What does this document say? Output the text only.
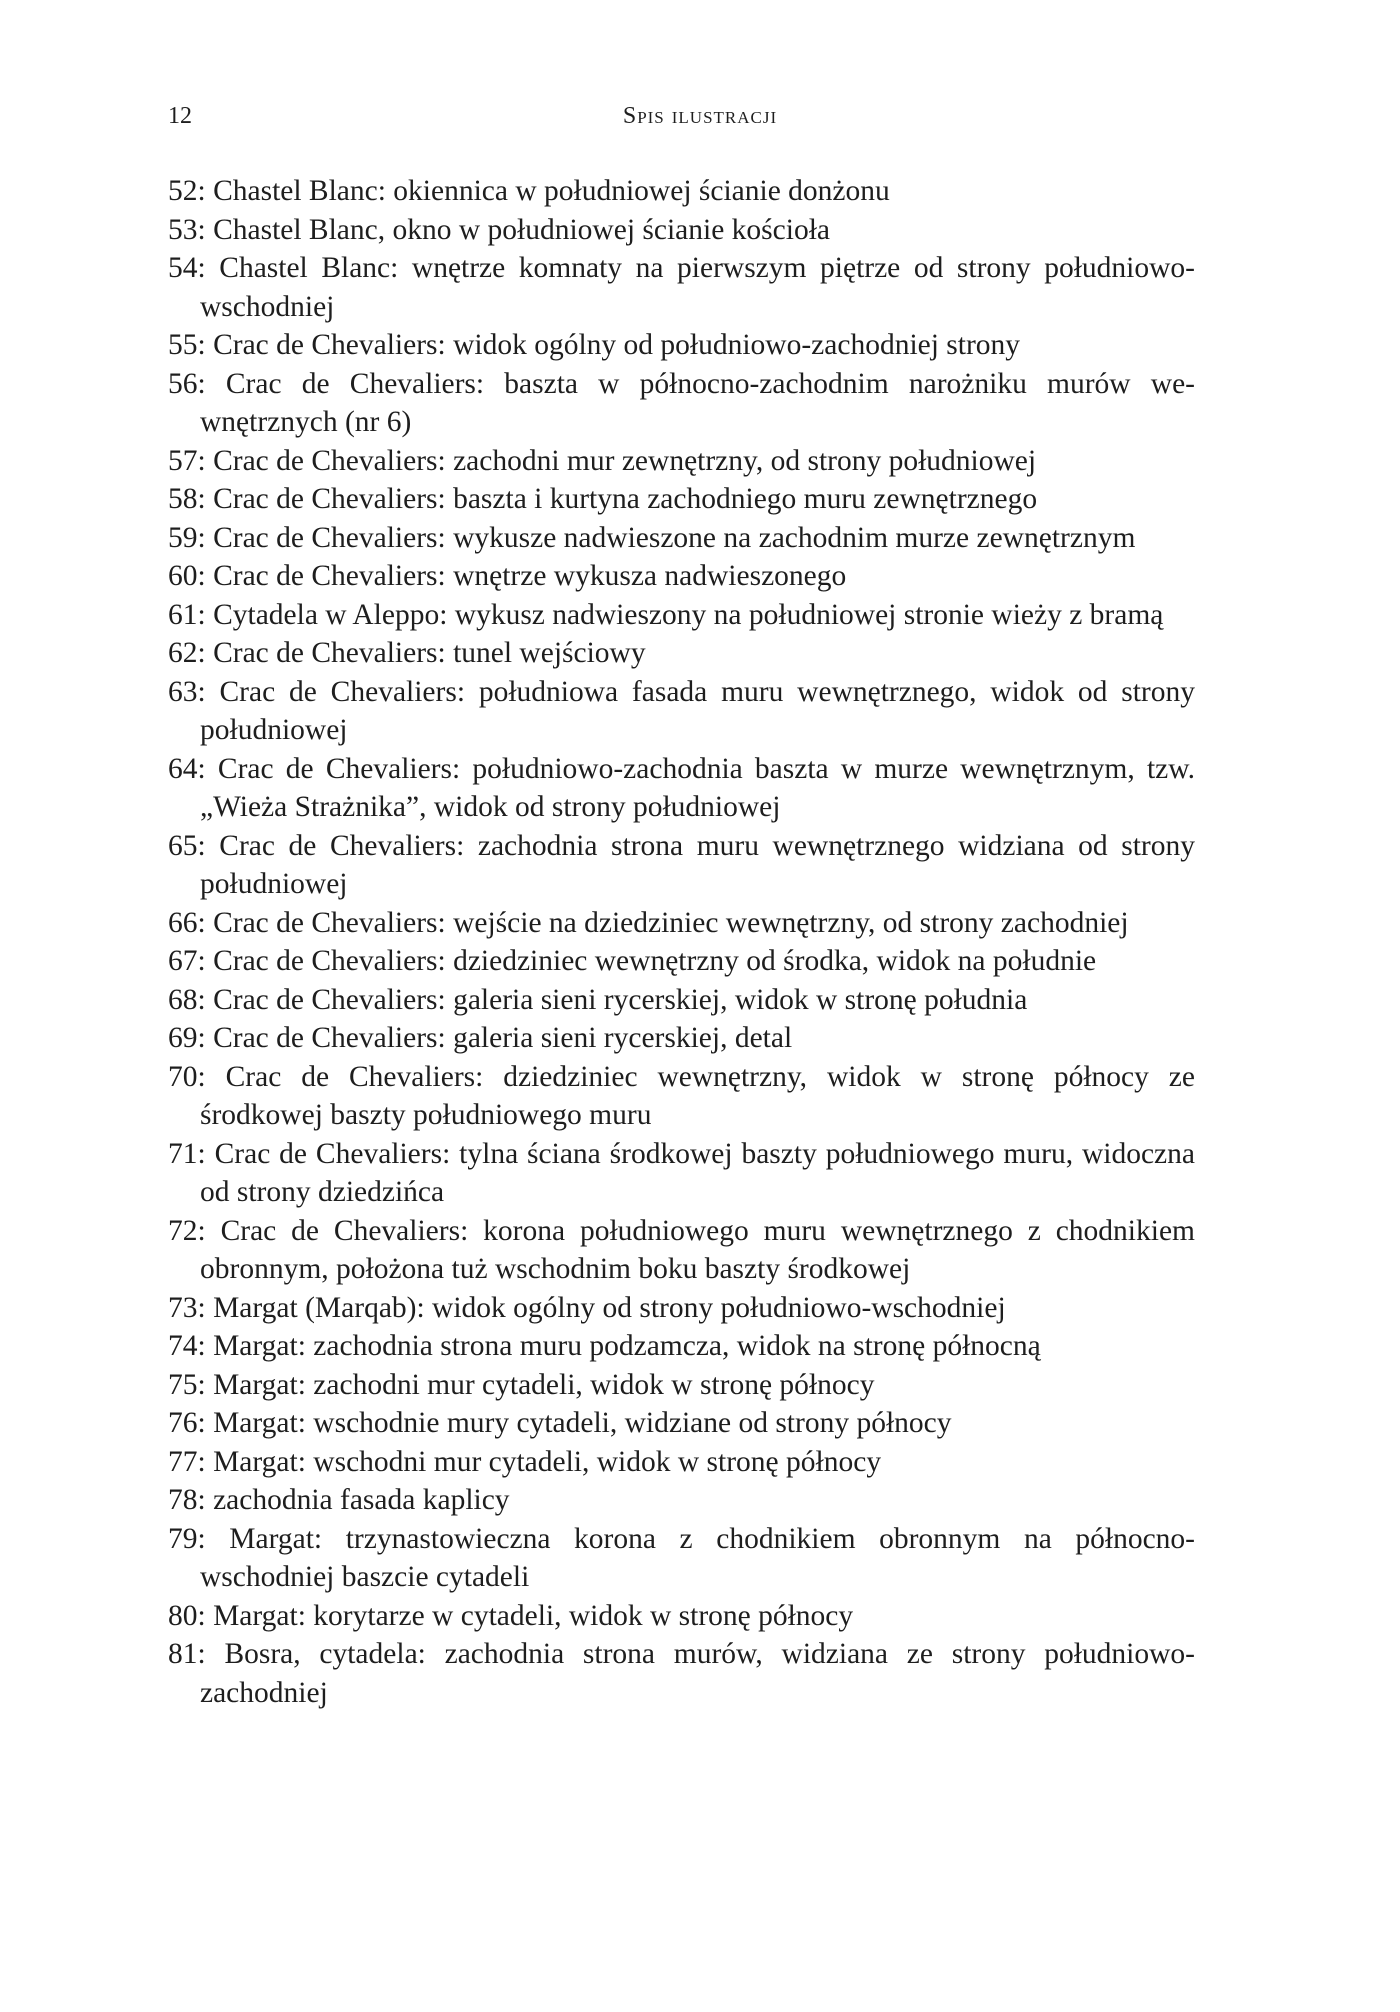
12	Spis ilustracji
52: Chastel Blanc: okiennica w południowej ścianie donżonu
53: Chastel Blanc, okno w południowej ścianie kościoła
54: Chastel Blanc: wnętrze komnaty na pierwszym piętrze od strony południowo-wschodniej
55: Crac de Chevaliers: widok ogólny od południowo-zachodniej strony
56: Crac de Chevaliers: baszta w północno-zachodnim narożniku murów wewnętrznych (nr 6)
57: Crac de Chevaliers: zachodni mur zewnętrzny, od strony południowej
58: Crac de Chevaliers: baszta i kurtyna zachodniego muru zewnętrznego
59: Crac de Chevaliers: wykusze nadwieszone na zachodnim murze zewnętrznym
60: Crac de Chevaliers: wnętrze wykusza nadwieszonego
61: Cytadela w Aleppo: wykusz nadwieszony na południowej stronie wieży z bramą
62: Crac de Chevaliers: tunel wejściowy
63: Crac de Chevaliers: południowa fasada muru wewnętrznego, widok od strony południowej
64: Crac de Chevaliers: południowo-zachodnia baszta w murze wewnętrznym, tzw. „Wieża Strażnika”, widok od strony południowej
65: Crac de Chevaliers: zachodnia strona muru wewnętrznego widziana od strony południowej
66: Crac de Chevaliers: wejście na dziedziniec wewnętrzny, od strony zachodniej
67: Crac de Chevaliers: dziedziniec wewnętrzny od środka, widok na południe
68: Crac de Chevaliers: galeria sieni rycerskiej, widok w stronę południa
69: Crac de Chevaliers: galeria sieni rycerskiej, detal
70: Crac de Chevaliers: dziedziniec wewnętrzny, widok w stronę północy ze środkowej baszty południowego muru
71: Crac de Chevaliers: tylna ściana środkowej baszty południowego muru, widoczna od strony dziedzińca
72: Crac de Chevaliers: korona południowego muru wewnętrznego z chodnikiem obronnym, położona tuż wschodnim boku baszty środkowej
73: Margat (Marqab): widok ogólny od strony południowo-wschodniej
74: Margat: zachodnia strona muru podzamcza, widok na stronę północną
75: Margat: zachodni mur cytadeli, widok w stronę północy
76: Margat: wschodnie mury cytadeli, widziane od strony północy
77: Margat: wschodni mur cytadeli, widok w stronę północy
78: zachodnia fasada kaplicy
79: Margat: trzynastowieczna korona z chodnikiem obronnym na północno-wschodniej baszcie cytadeli
80: Margat: korytarze w cytadeli, widok w stronę północy
81: Bosra, cytadela: zachodnia strona murów, widziana ze strony południowo-zachodniej
